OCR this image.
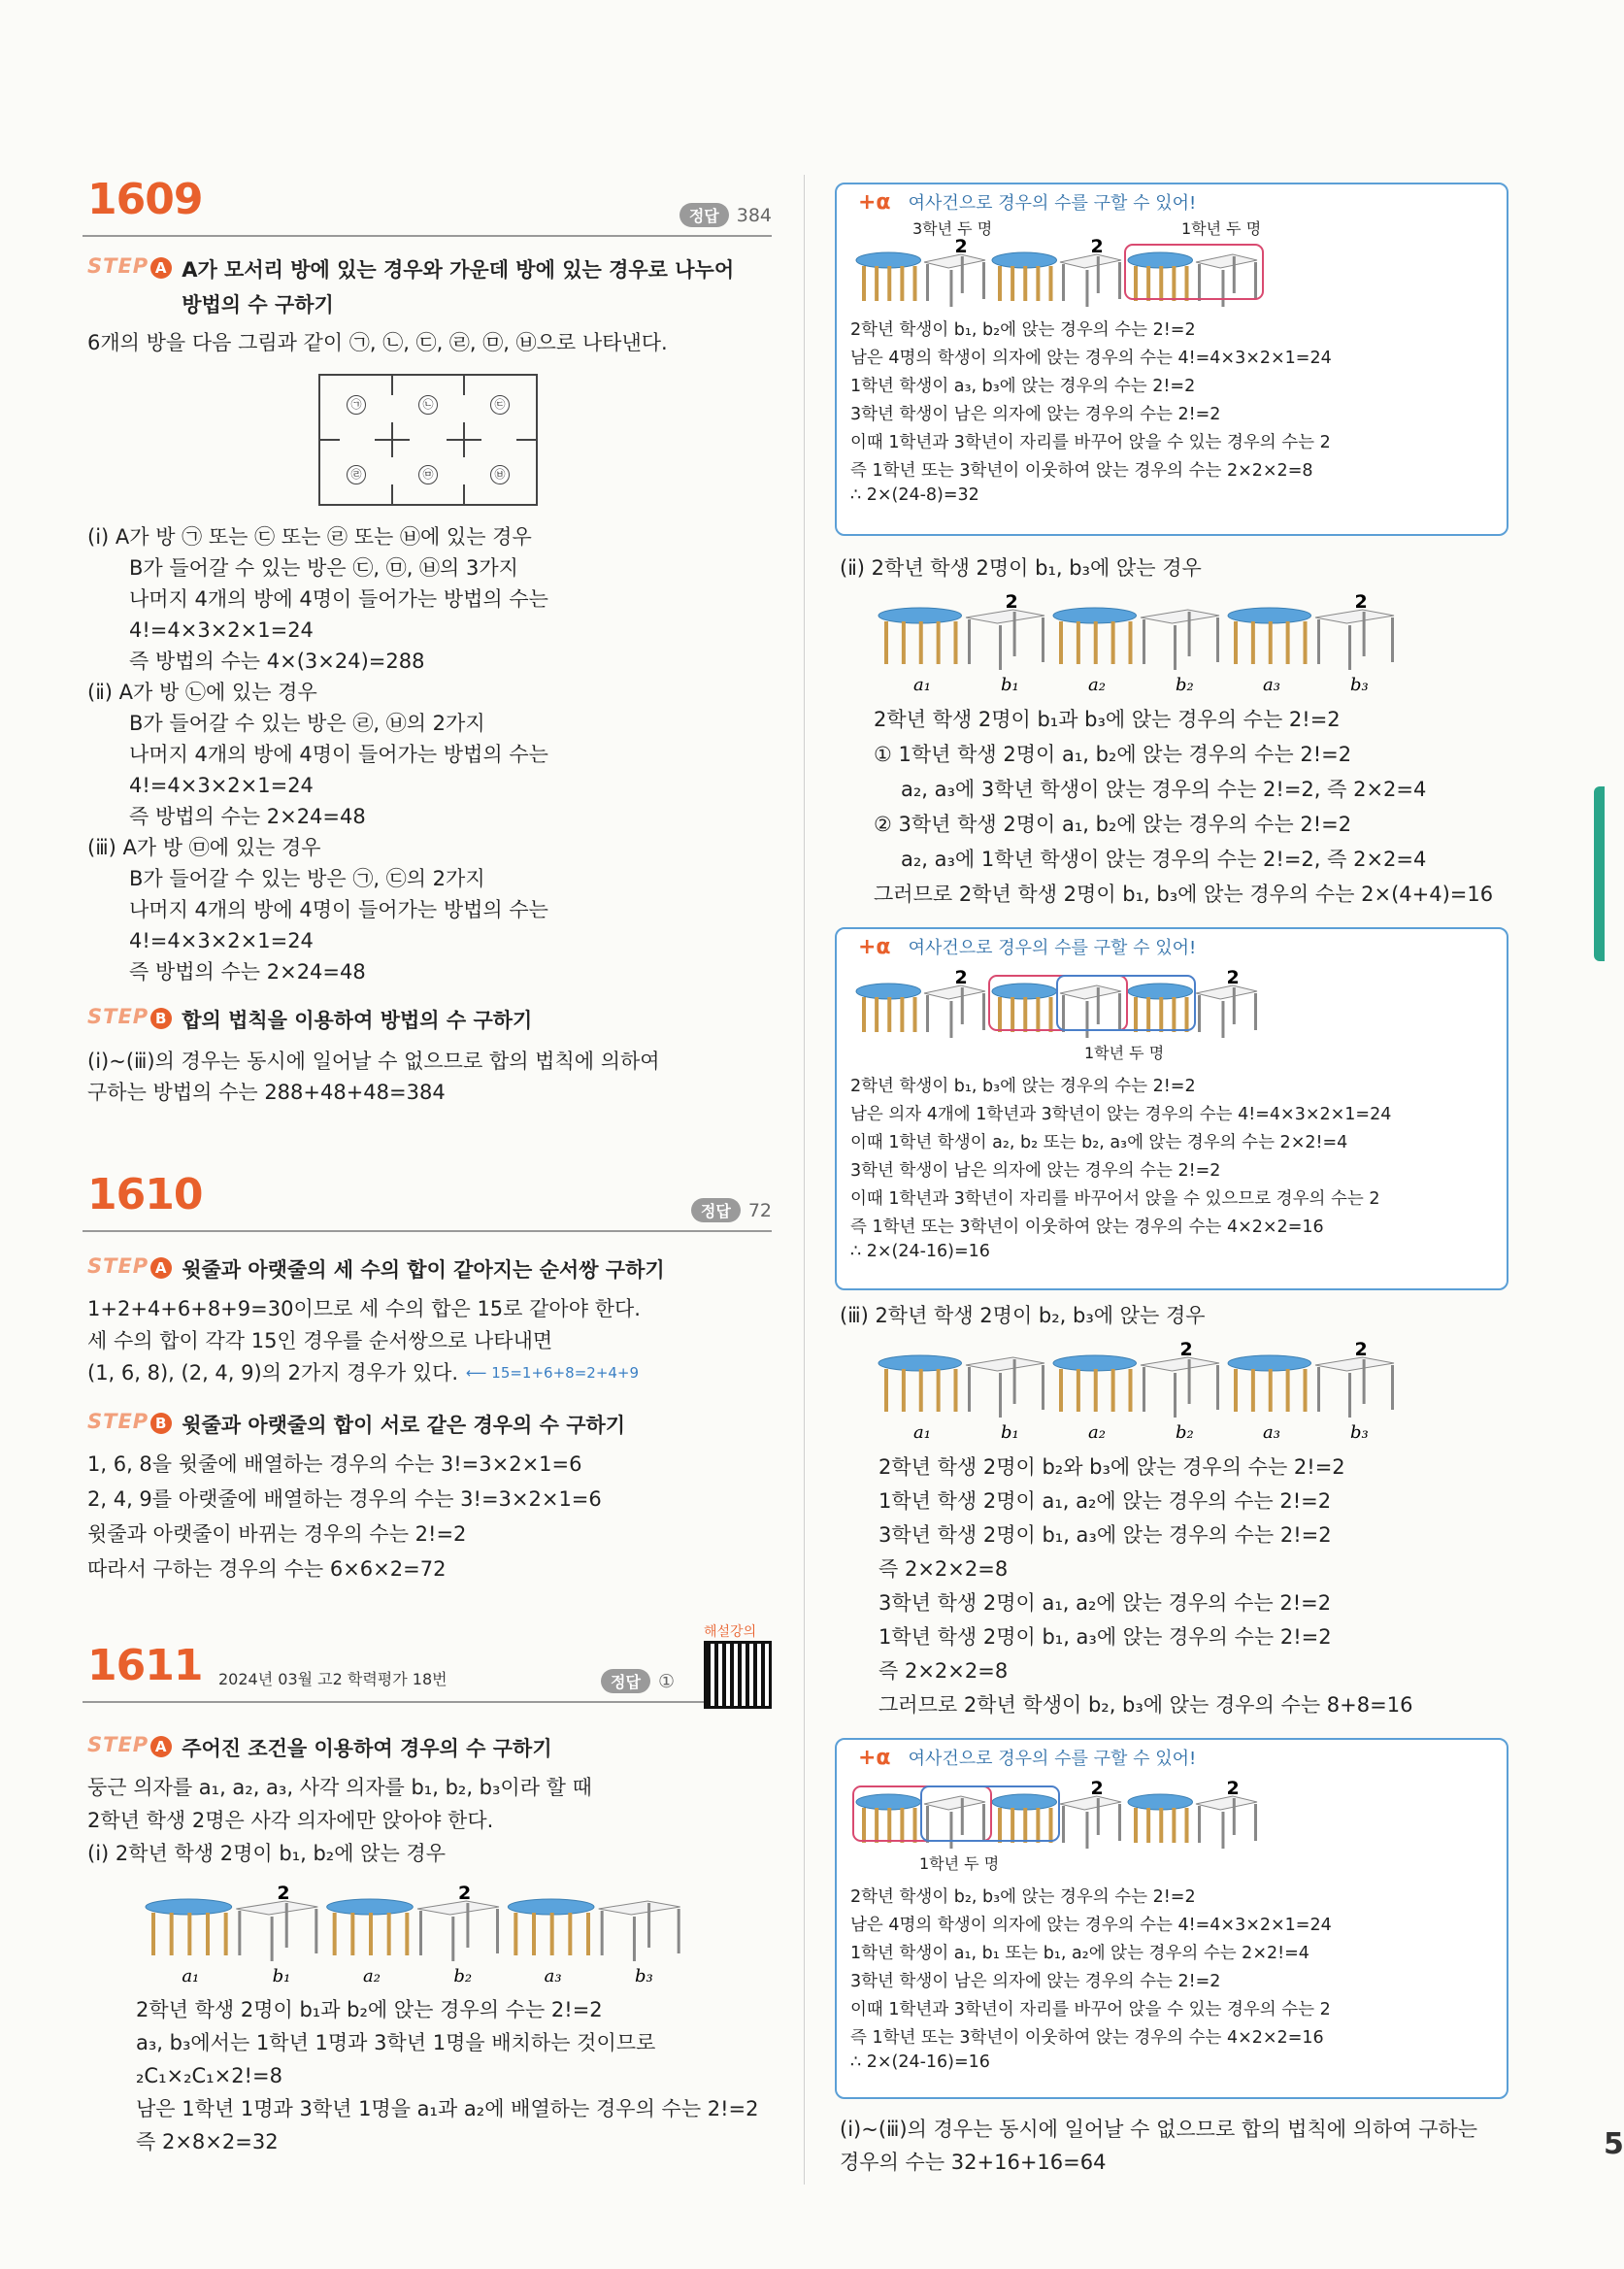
1609	정답 384
STEP A A가 모서리 방에 있는 경우와 가운데 방에 있는 경우로 나누어
방법의 수 구하기
6개의 방을 다음 그림과 같이 ㉠, ㉡, ㉢, ㉣, ㉤, ㉥으로 나타낸다.
㉠	㉡	㉢
㉣	㉤	㉥
(ⅰ) A가 방 ㉠ 또는 ㉢ 또는 ㉣ 또는 ㉥에 있는 경우
B가 들어갈 수 있는 방은 ㉢, ㉤, ㉥의 3가지
나머지 4개의 방에 4명이 들어가는 방법의 수는
4!=4×3×2×1=24
즉 방법의 수는 4×(3×24)=288
(ⅱ) A가 방 ㉡에 있는 경우
B가 들어갈 수 있는 방은 ㉣, ㉥의 2가지
나머지 4개의 방에 4명이 들어가는 방법의 수는
4!=4×3×2×1=24
즉 방법의 수는 2×24=48
(ⅲ) A가 방 ㉤에 있는 경우
B가 들어갈 수 있는 방은 ㉠, ㉢의 2가지
나머지 4개의 방에 4명이 들어가는 방법의 수는
4!=4×3×2×1=24
즉 방법의 수는 2×24=48
STEP B 합의 법칙을 이용하여 방법의 수 구하기
(ⅰ)~(ⅲ)의 경우는 동시에 일어날 수 없으므로 합의 법칙에 의하여
구하는 방법의 수는 288+48+48=384
1610	정답 72
STEP A 윗줄과 아랫줄의 세 수의 합이 같아지는 순서쌍 구하기
1+2+4+6+8+9=30이므로 세 수의 합은 15로 같아야 한다.
세 수의 합이 각각 15인 경우를 순서쌍으로 나타내면
(1, 6, 8), (2, 4, 9)의 2가지 경우가 있다. ⟵ 15=1+6+8=2+4+9
STEP B 윗줄과 아랫줄의 합이 서로 같은 경우의 수 구하기
1, 6, 8을 윗줄에 배열하는 경우의 수는 3!=3×2×1=6
2, 4, 9를 아랫줄에 배열하는 경우의 수는 3!=3×2×1=6
윗줄과 아랫줄이 바뀌는 경우의 수는 2!=2
따라서 구하는 경우의 수는 6×6×2=72
1611 2024년 03월 고2 학력평가 18번	정답 ①
해설강의
STEP A 주어진 조건을 이용하여 경우의 수 구하기
둥근 의자를 a₁, a₂, a₃, 사각 의자를 b₁, b₂, b₃이라 할 때
2학년 학생 2명은 사각 의자에만 앉아야 한다.
(ⅰ) 2학년 학생 2명이 b₁, b₂에 앉는 경우
a₁
2
b₁	a₂
2
b₂	a₃	b₃
2학년 학생 2명이 b₁과 b₂에 앉는 경우의 수는 2!=2
a₃, b₃에서는 1학년 1명과 3학년 1명을 배치하는 것이므로
₂C₁×₂C₁×2!=8
남은 1학년 1명과 3학년 1명을 a₁과 a₂에 배열하는 경우의 수는 2!=2
즉 2×8×2=32
+α 여사건으로 경우의 수를 구할 수 있어!
3학년 두 명	1학년 두 명
2	2
2학년 학생이 b₁, b₂에 앉는 경우의 수는 2!=2
남은 4명의 학생이 의자에 앉는 경우의 수는 4!=4×3×2×1=24
1학년 학생이 a₃, b₃에 앉는 경우의 수는 2!=2
3학년 학생이 남은 의자에 앉는 경우의 수는 2!=2
이때 1학년과 3학년이 자리를 바꾸어 앉을 수 있는 경우의 수는 2
즉 1학년 또는 3학년이 이웃하여 앉는 경우의 수는 2×2×2=8
∴ 2×(24-8)=32
(ⅱ) 2학년 학생 2명이 b₁, b₃에 앉는 경우
a₁
2
b₁	a₂	b₂	a₃
2
b₃
2학년 학생 2명이 b₁과 b₃에 앉는 경우의 수는 2!=2
① 1학년 학생 2명이 a₁, b₂에 앉는 경우의 수는 2!=2
a₂, a₃에 3학년 학생이 앉는 경우의 수는 2!=2, 즉 2×2=4
② 3학년 학생 2명이 a₁, b₂에 앉는 경우의 수는 2!=2
a₂, a₃에 1학년 학생이 앉는 경우의 수는 2!=2, 즉 2×2=4
그러므로 2학년 학생 2명이 b₁, b₃에 앉는 경우의 수는 2×(4+4)=16
+α 여사건으로 경우의 수를 구할 수 있어!
2	2
1학년 두 명
2학년 학생이 b₁, b₃에 앉는 경우의 수는 2!=2
남은 의자 4개에 1학년과 3학년이 앉는 경우의 수는 4!=4×3×2×1=24
이때 1학년 학생이 a₂, b₂ 또는 b₂, a₃에 앉는 경우의 수는 2×2!=4
3학년 학생이 남은 의자에 앉는 경우의 수는 2!=2
이때 1학년과 3학년이 자리를 바꾸어서 앉을 수 있으므로 경우의 수는 2
즉 1학년 또는 3학년이 이웃하여 앉는 경우의 수는 4×2×2=16
∴ 2×(24-16)=16
(ⅲ) 2학년 학생 2명이 b₂, b₃에 앉는 경우
a₁	b₁	a₂
2
b₂	a₃
2
b₃
2학년 학생 2명이 b₂와 b₃에 앉는 경우의 수는 2!=2
1학년 학생 2명이 a₁, a₂에 앉는 경우의 수는 2!=2
3학년 학생 2명이 b₁, a₃에 앉는 경우의 수는 2!=2
즉 2×2×2=8
3학년 학생 2명이 a₁, a₂에 앉는 경우의 수는 2!=2
1학년 학생 2명이 b₁, a₃에 앉는 경우의 수는 2!=2
즉 2×2×2=8
그러므로 2학년 학생이 b₂, b₃에 앉는 경우의 수는 8+8=16
+α 여사건으로 경우의 수를 구할 수 있어!
2	2
1학년 두 명
2학년 학생이 b₂, b₃에 앉는 경우의 수는 2!=2
남은 4명의 학생이 의자에 앉는 경우의 수는 4!=4×3×2×1=24
1학년 학생이 a₁, b₁ 또는 b₁, a₂에 앉는 경우의 수는 2×2!=4
3학년 학생이 남은 의자에 앉는 경우의 수는 2!=2
이때 1학년과 3학년이 자리를 바꾸어 앉을 수 있는 경우의 수는 2
즉 1학년 또는 3학년이 이웃하여 앉는 경우의 수는 4×2×2=16
∴ 2×(24-16)=16
(ⅰ)~(ⅲ)의 경우는 동시에 일어날 수 없으므로 합의 법칙에 의하여 구하는
경우의 수는 32+16+16=64
5
